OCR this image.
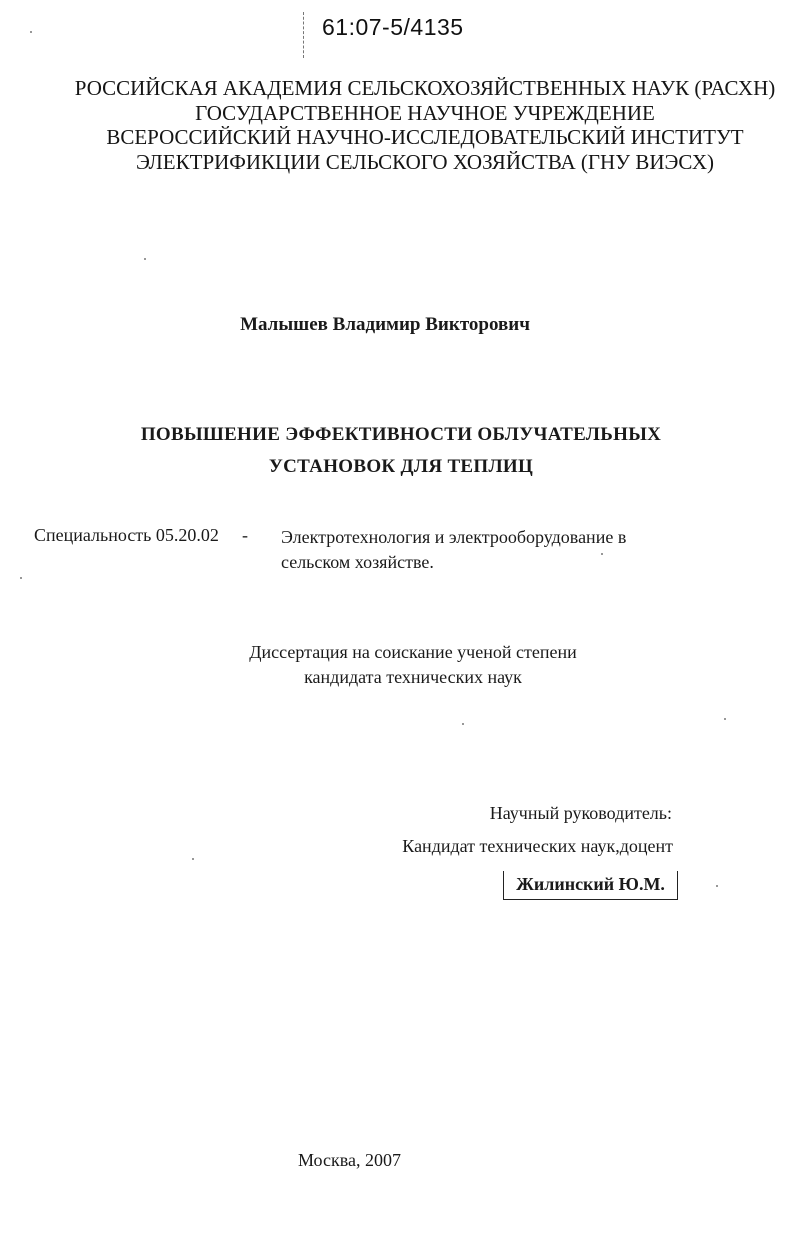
61:07-5/4135
РОССИЙСКАЯ АКАДЕМИЯ СЕЛЬСКОХОЗЯЙСТВЕННЫХ НАУК (РАСХН)
ГОСУДАРСТВЕННОЕ НАУЧНОЕ УЧРЕЖДЕНИЕ
ВСЕРОССИЙСКИЙ НАУЧНО-ИССЛЕДОВАТЕЛЬСКИЙ ИНСТИТУТ
ЭЛЕКТРИФИКЦИИ СЕЛЬСКОГО ХОЗЯЙСТВА (ГНУ ВИЭСХ)
Малышев Владимир Викторович
ПОВЫШЕНИЕ ЭФФЕКТИВНОСТИ ОБЛУЧАТЕЛЬНЫХ
УСТАНОВОК ДЛЯ ТЕПЛИЦ
Специальность 05.20.02 - Электротехнология и электрооборудование в
сельском хозяйстве.
Диссертация на соискание ученой степени
кандидата технических наук
Научный руководитель:
Кандидат технических наук,доцент
Жилинский Ю.М.
Москва, 2007
